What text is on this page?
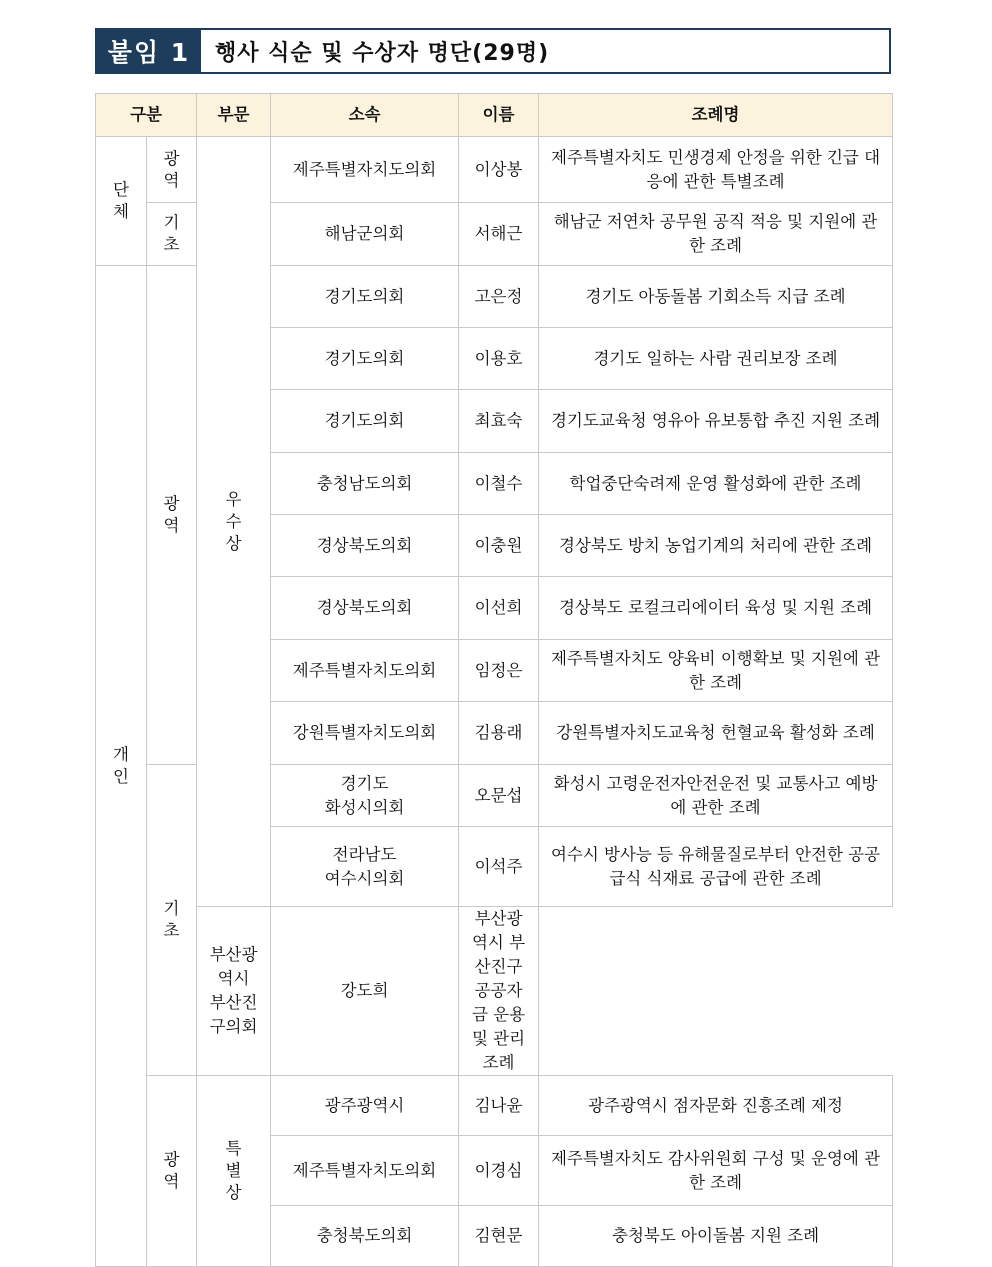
붙임 1	행사 식순 및 수상자 명단(29명)
구분		부문	소속	이름	조례명

단체	광역	우수상	제주특별자치도의회	이상봉	제주특별자치도 민생경제 안정을 위한 긴급 대응에 관한 특별조례

	기초		해남군의회	서해근	해남군 저연차 공무원 공직 적응 및 지원에 관한 조례

개인	광역		경기도의회	고은정	경기도 아동돌봄 기회소득 지급 조례
			경기도의회	이용호	경기도 일하는 사람 권리보장 조례
			경기도의회	최효숙	경기도교육청 영유아 유보통합 추진 지원 조례
			충청남도의회	이철수	학업중단숙려제 운영 활성화에 관한 조례
			경상북도의회	이충원	경상북도 방치 농업기계의 처리에 관한 조례
			경상북도의회	이선희	경상북도 로컬크리에이터 육성 및 지원 조례
			제주특별자치도의회	임정은	제주특별자치도 양육비 이행확보 및 지원에 관한 조례
			강원특별자치도의회	김용래	강원특별자치도교육청 헌혈교육 활성화 조례

	기초		경기도
화성시의회	오문섭	화성시 고령운전자안전운전 및 교통사고 예방에 관한 조례

			전라남도
여수시의회	이석주	여수시 방사능 등 유해물질로부터 안전한 공공급식 식재료 공급에 관한 조례

		부산광역시
부산진구의회	강도희	부산광역시 부산진구 공공자금 운용 및 관리 조례	

	광역	특별상	광주광역시	김나윤	광주광역시 점자문화 진흥조례 제정
			제주특별자치도의회	이경심	제주특별자치도 감사위원회 구성 및 운영에 관한 조례
			충청북도의회	김현문	충청북도 아이돌봄 지원 조례
